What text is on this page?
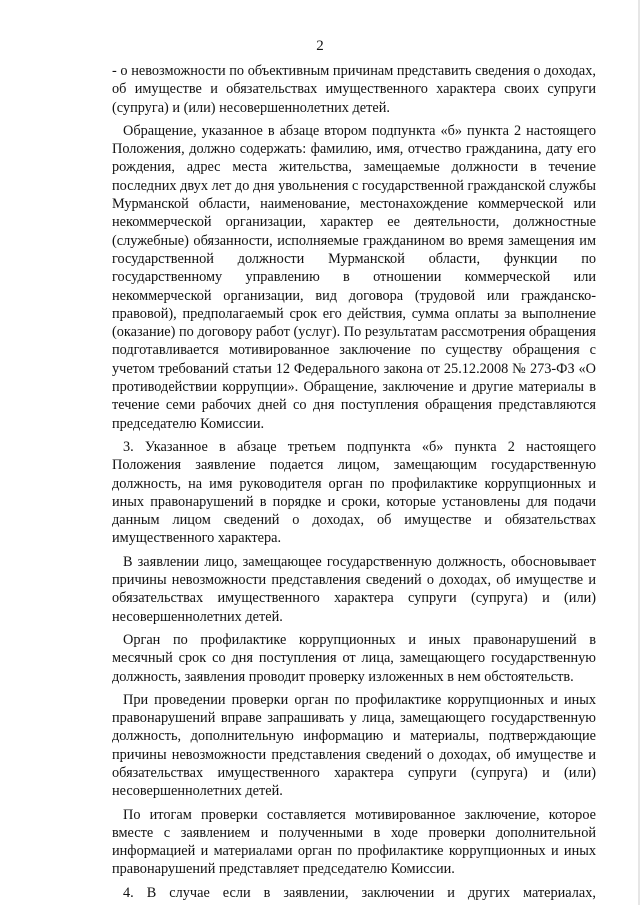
2

- о невозможности по объективным причинам представить сведения о доходах, об имуществе и обязательствах имущественного характера своих супруги (супруга) и (или) несовершеннолетних детей.

Обращение, указанное в абзаце втором подпункта «б» пункта 2 настоящего Положения, должно содержать: фамилию, имя, отчество гражданина, дату его рождения, адрес места жительства, замещаемые должности в течение последних двух лет до дня увольнения с государственной гражданской службы Мурманской области, наименование, местонахождение коммерческой или некоммерческой организации, характер ее деятельности, должностные (служебные) обязанности, исполняемые гражданином во время замещения им государственной должности Мурманской области, функции по государственному управлению в отношении коммерческой или некоммерческой организации, вид договора (трудовой или гражданско-правовой), предполагаемый срок его действия, сумма оплаты за выполнение (оказание) по договору работ (услуг). По результатам рассмотрения обращения подготавливается мотивированное заключение по существу обращения с учетом требований статьи 12 Федерального закона от 25.12.2008 № 273-ФЗ «О противодействии коррупции». Обращение, заключение и другие материалы в течение семи рабочих дней со дня поступления обращения представляются председателю Комиссии.

3. Указанное в абзаце третьем подпункта «б» пункта 2 настоящего Положения заявление подается лицом, замещающим государственную должность, на имя руководителя орган по профилактике коррупционных и иных правонарушений в порядке и сроки, которые установлены для подачи данным лицом сведений о доходах, об имуществе и обязательствах имущественного характера.

В заявлении лицо, замещающее государственную должность, обосновывает причины невозможности представления сведений о доходах, об имуществе и обязательствах имущественного характера супруги (супруга) и (или) несовершеннолетних детей.

Орган по профилактике коррупционных и иных правонарушений в месячный срок со дня поступления от лица, замещающего государственную должность, заявления проводит проверку изложенных в нем обстоятельств.

При проведении проверки орган по профилактике коррупционных и иных правонарушений вправе запрашивать у лица, замещающего государственную должность, дополнительную информацию и материалы, подтверждающие причины невозможности представления сведений о доходах, об имуществе и обязательствах имущественного характера супруги (супруга) и (или) несовершеннолетних детей.

По итогам проверки составляется мотивированное заключение, которое вместе с заявлением и полученными в ходе проверки дополнительной информацией и материалами орган по профилактике коррупционных и иных правонарушений представляет председателю Комиссии.

4. В случае если в заявлении, заключении и других материалах,
